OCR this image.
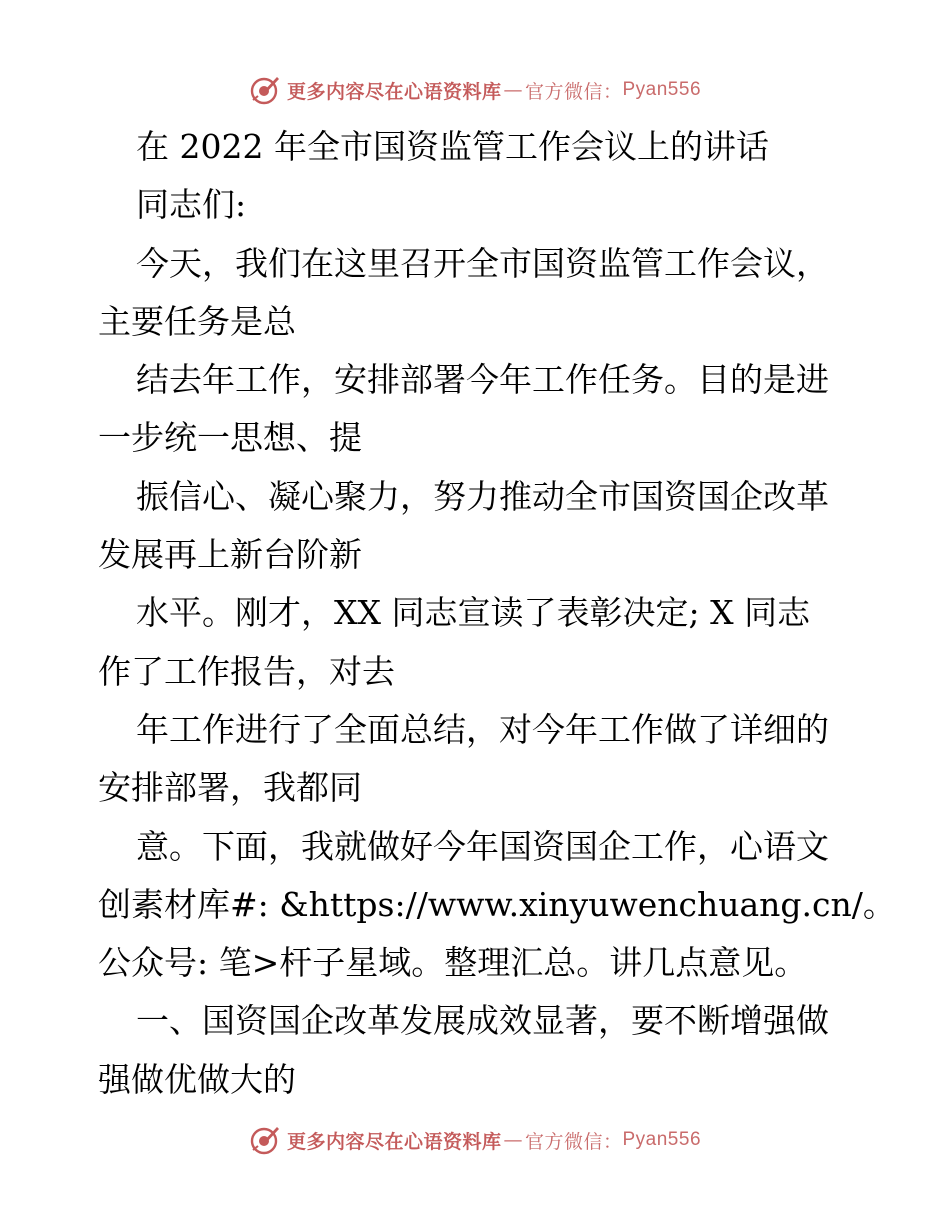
更多内容尽在心语资料库 — 官方微信： Pyan556
在 2022 年全市国资监管工作会议上的讲话
同志们:
今天，我们在这里召开全市国资监管工作会议，
主要任务是总
结去年工作，安排部署今年工作任务。目的是进
一步统一思想、提
振信心、凝心聚力，努力推动全市国资国企改革
发展再上新台阶新
水平。刚才，XX 同志宣读了表彰决定; X 同志
作了工作报告，对去
年工作进行了全面总结，对今年工作做了详细的
安排部署，我都同
意。下面，我就做好今年国资国企工作，心语文
创素材库#: &https://www.xinyuwenchuang.cn/。
公众号: 笔>杆子星域。整理汇总。讲几点意见。
一、国资国企改革发展成效显著，要不断增强做
强做优做大的
更多内容尽在心语资料库 — 官方微信： Pyan556
